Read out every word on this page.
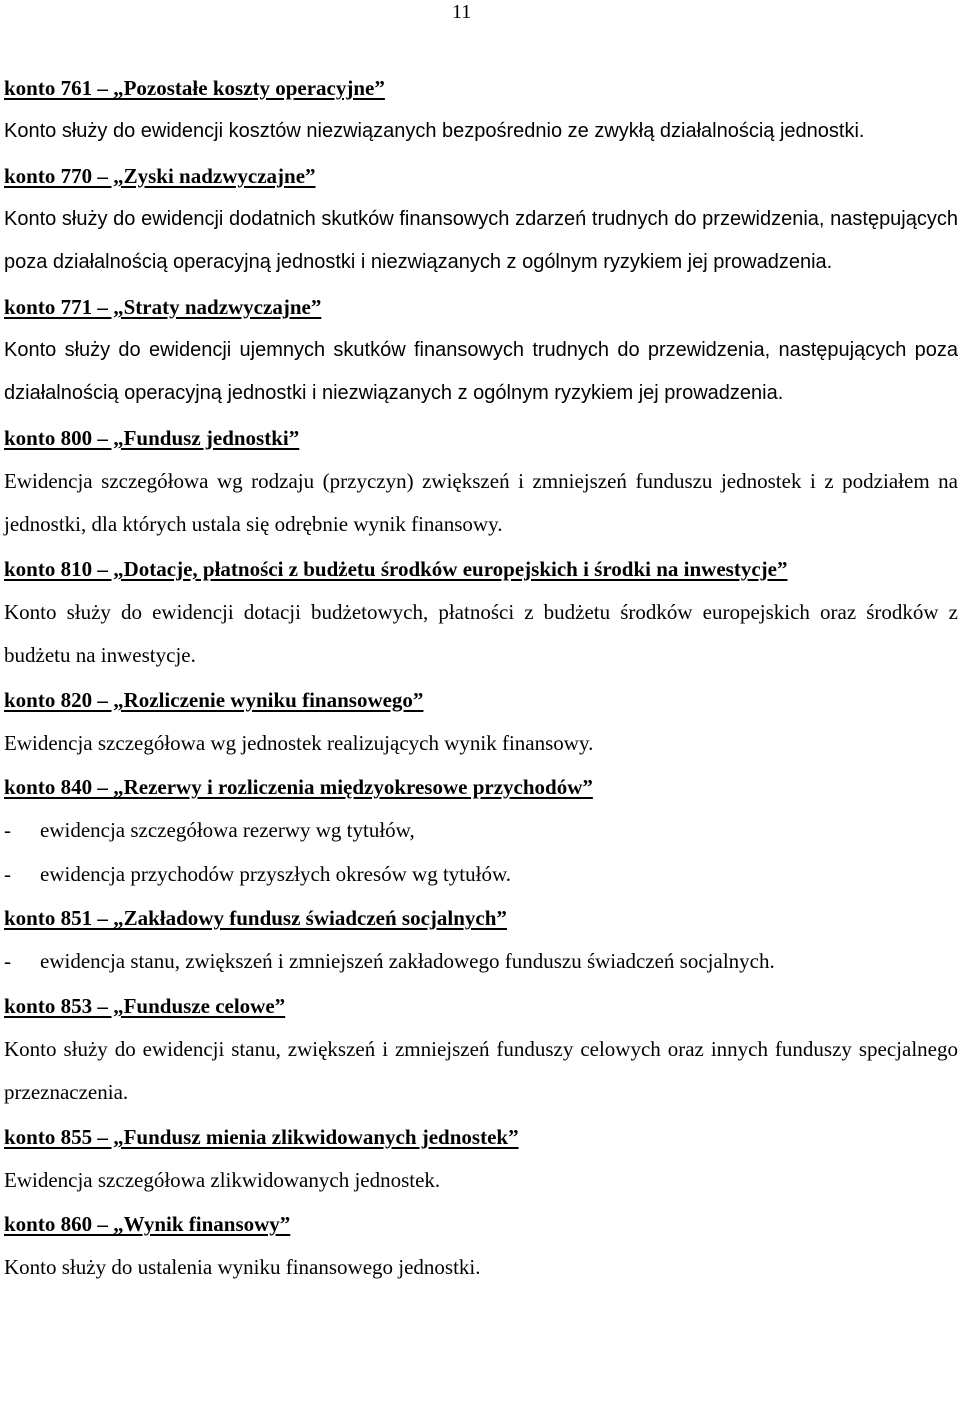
11

konto 761 – „Pozostałe koszty operacyjne”

Konto służy do ewidencji kosztów niezwiązanych bezpośrednio ze zwykłą działalnością jednostki.

konto 770 – „Zyski nadzwyczajne”

Konto służy do ewidencji dodatnich skutków finansowych zdarzeń trudnych do przewidzenia, następujących poza działalnością operacyjną jednostki i niezwiązanych z ogólnym ryzykiem jej prowadzenia.

konto 771 – „Straty nadzwyczajne”

Konto służy do ewidencji ujemnych skutków finansowych trudnych do przewidzenia, następujących poza działalnością operacyjną jednostki i niezwiązanych z ogólnym ryzykiem jej prowadzenia.

konto 800 – „Fundusz jednostki”

Ewidencja szczegółowa wg rodzaju (przyczyn) zwiększeń i zmniejszeń funduszu jednostek i z podziałem na jednostki, dla których ustala się odrębnie wynik finansowy.

konto 810 – „Dotacje, płatności z budżetu środków europejskich i środki na inwestycje”

Konto służy do ewidencji dotacji budżetowych, płatności z budżetu środków europejskich oraz środków z budżetu na inwestycje.

konto 820 – „Rozliczenie wyniku finansowego”

Ewidencja szczegółowa wg jednostek realizujących wynik finansowy.

konto 840 – „Rezerwy i rozliczenia międzyokresowe przychodów”

-	ewidencja szczegółowa rezerwy wg tytułów,

-	ewidencja przychodów przyszłych okresów wg tytułów.

konto 851 – „Zakładowy fundusz świadczeń socjalnych”

-	ewidencja stanu, zwiększeń i zmniejszeń zakładowego funduszu świadczeń socjalnych.

konto 853 – „Fundusze celowe”

Konto służy do ewidencji stanu, zwiększeń i zmniejszeń funduszy celowych oraz innych funduszy specjalnego przeznaczenia.

konto 855 – „Fundusz mienia zlikwidowanych jednostek”

Ewidencja szczegółowa zlikwidowanych jednostek.

konto 860 – „Wynik finansowy”

Konto służy do ustalenia wyniku finansowego jednostki.
